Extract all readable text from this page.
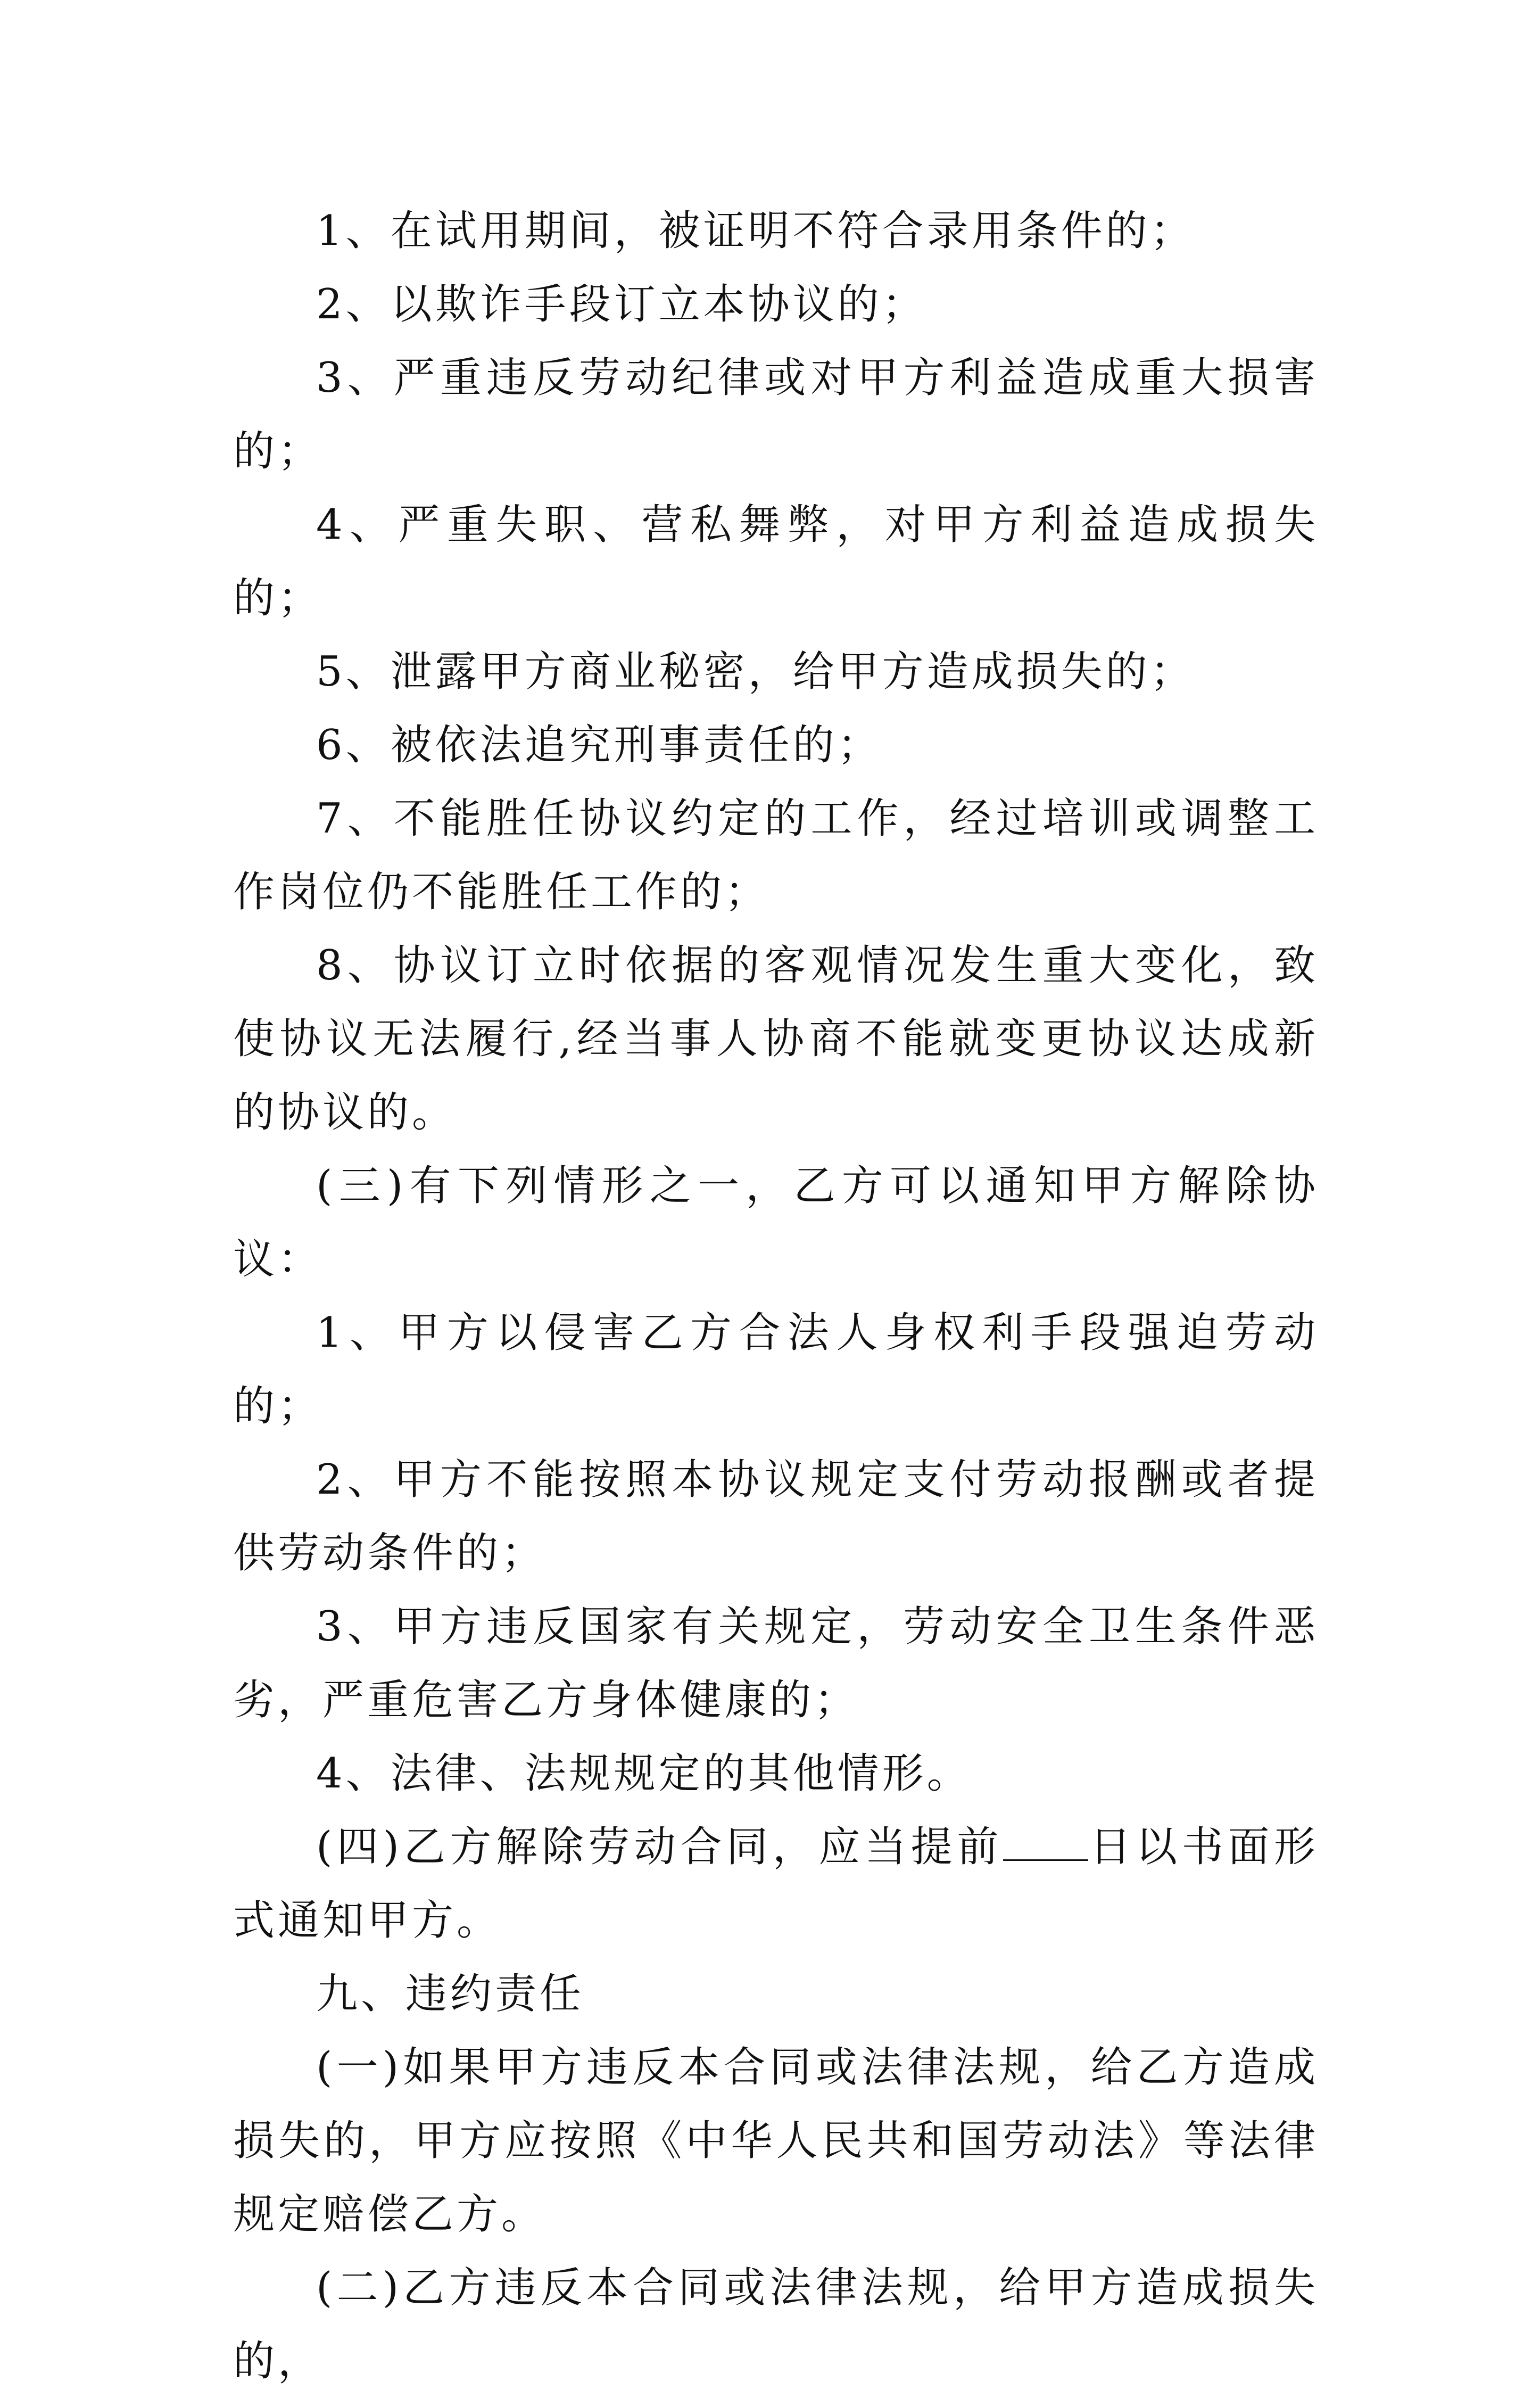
1、在试用期间，被证明不符合录用条件的；

2、以欺诈手段订立本协议的；

3、严重违反劳动纪律或对甲方利益造成重大损害的；

4、严重失职、营私舞弊，对甲方利益造成损失的；

5、泄露甲方商业秘密，给甲方造成损失的；

6、被依法追究刑事责任的；

7、不能胜任协议约定的工作，经过培训或调整工作岗位仍不能胜任工作的；

8、协议订立时依据的客观情况发生重大变化，致使协议无法履行,经当事人协商不能就变更协议达成新的协议的。

(三)有下列情形之一，乙方可以通知甲方解除协议：

1、甲方以侵害乙方合法人身权利手段强迫劳动的；

2、甲方不能按照本协议规定支付劳动报酬或者提供劳动条件的；

3、甲方违反国家有关规定，劳动安全卫生条件恶劣，严重危害乙方身体健康的；

4、法律、法规规定的其他情形。

(四)乙方解除劳动合同，应当提前 日以书面形式通知甲方。

九、违约责任

(一)如果甲方违反本合同或法律法规，给乙方造成损失的，甲方应按照《中华人民共和国劳动法》等法律规定赔偿乙方。

(二)乙方违反本合同或法律法规，给甲方造成损失的，
